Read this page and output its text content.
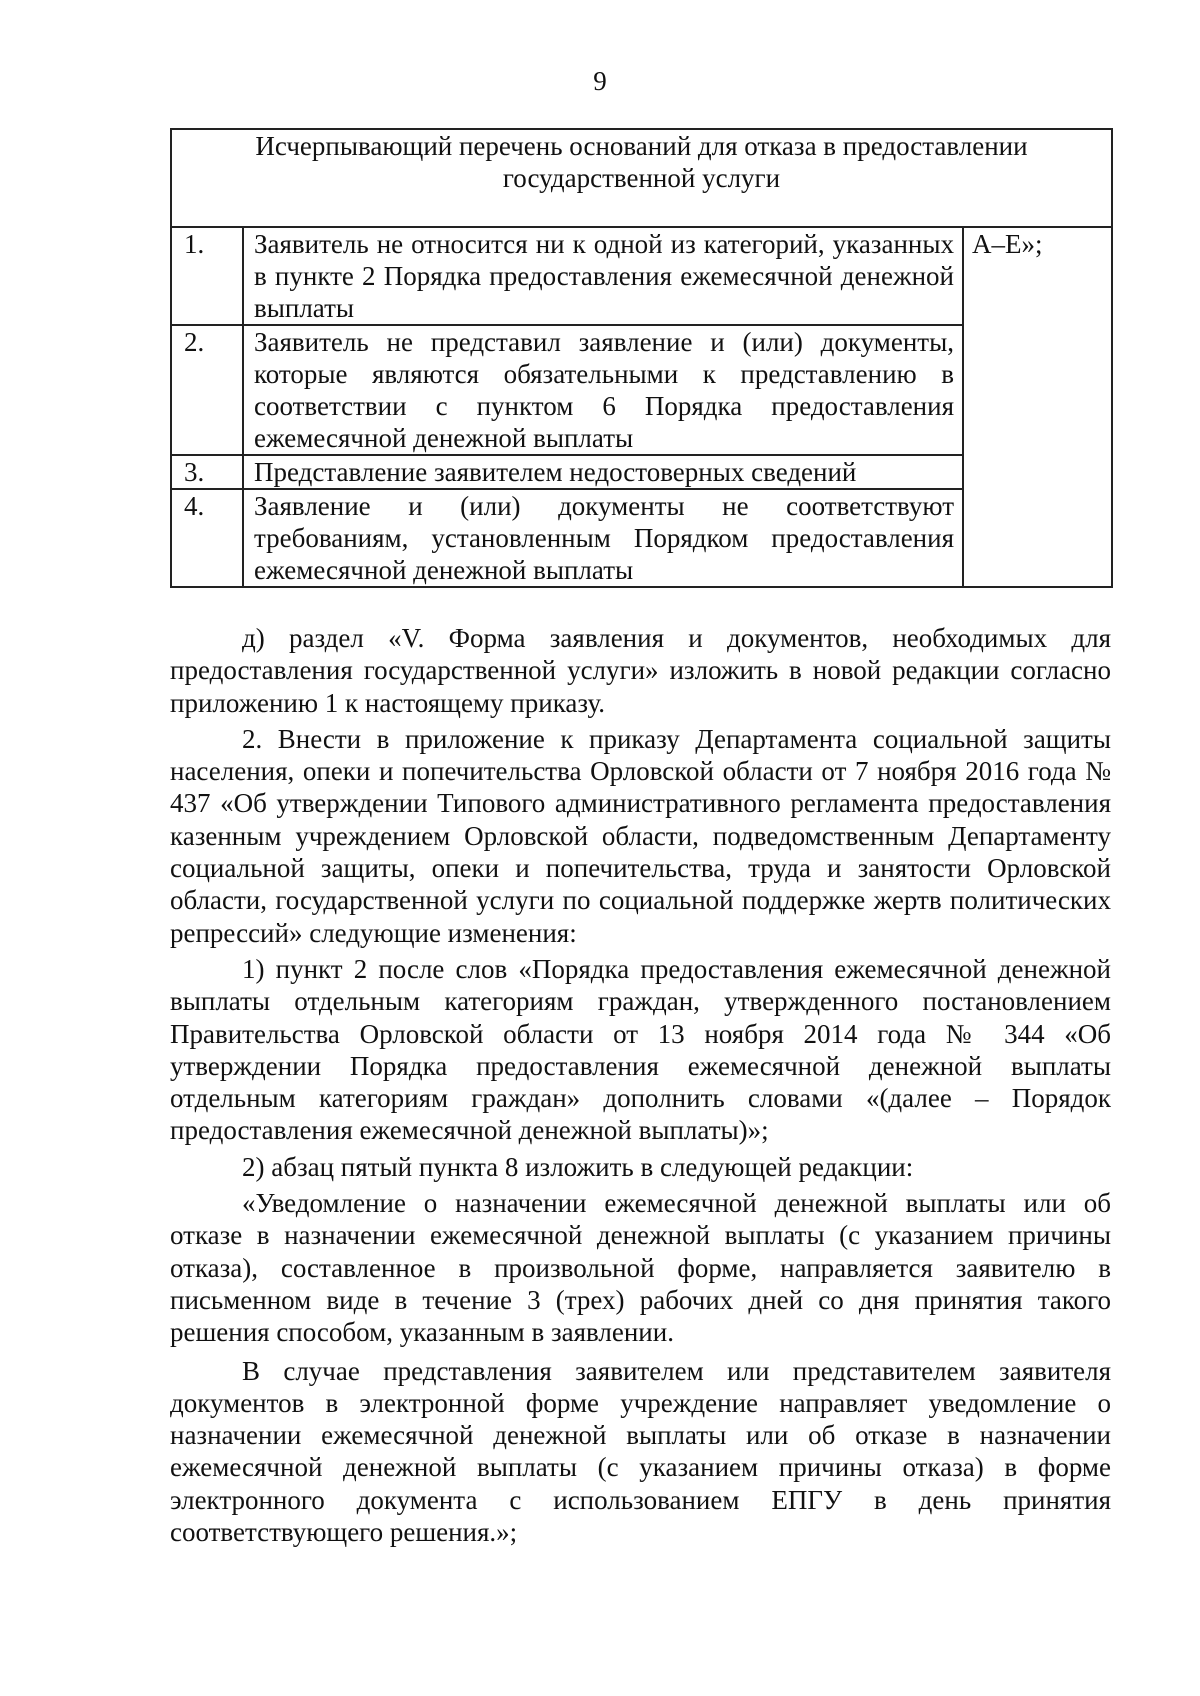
9
Исчерпывающий перечень оснований для отказа в предоставлении государственной услуги		

1.	Заявитель не относится ни к одной из категорий, указанных в пункте 2 Порядка предоставления ежемесячной денежной выплаты	А–Е»;
2.	Заявитель не представил заявление и (или) документы, которые являются обязательными к представлению в соответствии с пунктом 6 Порядка предоставления ежемесячной денежной выплаты	
3.	Представление заявителем недостоверных сведений	
4.	Заявление и (или) документы не соответствуют требованиям, установленным Порядком предоставления ежемесячной денежной выплаты	

д) раздел «V. Форма заявления и документов, необходимых для предоставления государственной услуги» изложить в новой редакции согласно приложению 1 к настоящему приказу.

2. Внести в приложение к приказу Департамента социальной защиты населения, опеки и попечительства Орловской области от 7 ноября 2016 года № 437 «Об утверждении Типового административного регламента предоставления казенным учреждением Орловской области, подведомственным Департаменту социальной защиты, опеки и попечительства, труда и занятости Орловской области, государственной услуги по социальной поддержке жертв политических репрессий» следующие изменения:

1) пункт 2 после слов «Порядка предоставления ежемесячной денежной выплаты отдельным категориям граждан, утвержденного постановлением Правительства Орловской области от 13 ноября 2014 года № 344 «Об утверждении Порядка предоставления ежемесячной денежной выплаты отдельным категориям граждан» дополнить словами «(далее – Порядок предоставления ежемесячной денежной выплаты)»;

2) абзац пятый пункта 8 изложить в следующей редакции:

«Уведомление о назначении ежемесячной денежной выплаты или об отказе в назначении ежемесячной денежной выплаты (с указанием причины отказа), составленное в произвольной форме, направляется заявителю в письменном виде в течение 3 (трех) рабочих дней со дня принятия такого решения способом, указанным в заявлении.

В случае представления заявителем или представителем заявителя документов в электронной форме учреждение направляет уведомление о назначении ежемесячной денежной выплаты или об отказе в назначении ежемесячной денежной выплаты (с указанием причины отказа) в форме электронного документа с использованием ЕПГУ в день принятия соответствующего решения.»;
